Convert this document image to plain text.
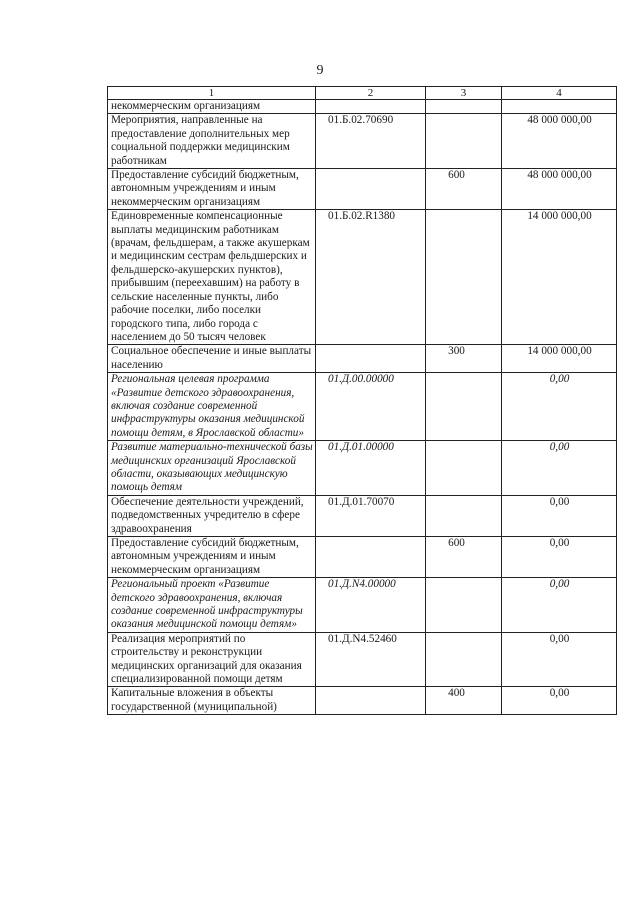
9
1	2	3	4
некоммерческим организациям			
Мероприятия, направленные на предоставление дополнительных мер социальной поддержки медицинским работникам	01.Б.02.70690		48 000 000,00
Предоставление субсидий бюджетным, автономным учреждениям и иным некоммерческим организациям		600	48 000 000,00
Единовременные компенсационные выплаты медицинским работникам (врачам, фельдшерам, а также акушеркам и медицинским сестрам фельдшерских и фельдшерско-акушерских пунктов), прибывшим (переехавшим) на работу в сельские населенные пункты, либо рабочие поселки, либо поселки городского типа, либо города с населением до 50 тысяч человек	01.Б.02.R1380		14 000 000,00
Социальное обеспечение и иные выплаты населению		300	14 000 000,00
Региональная целевая программа «Развитие детского здравоохранения, включая создание современной инфраструктуры оказания медицинской помощи детям, в Ярославской области»	01.Д.00.00000		0,00
Развитие материально-технической базы медицинских организаций Ярославской области, оказывающих медицинскую помощь детям	01.Д.01.00000		0,00
Обеспечение деятельности учреждений, подведомственных учредителю в сфере здравоохранения	01.Д.01.70070		0,00
Предоставление субсидий бюджетным, автономным учреждениям и иным некоммерческим организациям		600	0,00
Региональный проект «Развитие детского здравоохранения, включая создание современной инфраструктуры оказания медицинской помощи детям»	01.Д.N4.00000		0,00
Реализация мероприятий по строительству и реконструкции медицинских организаций для оказания специализированной помощи детям	01.Д.N4.52460		0,00
Капитальные вложения в объекты государственной (муниципальной)		400	0,00
